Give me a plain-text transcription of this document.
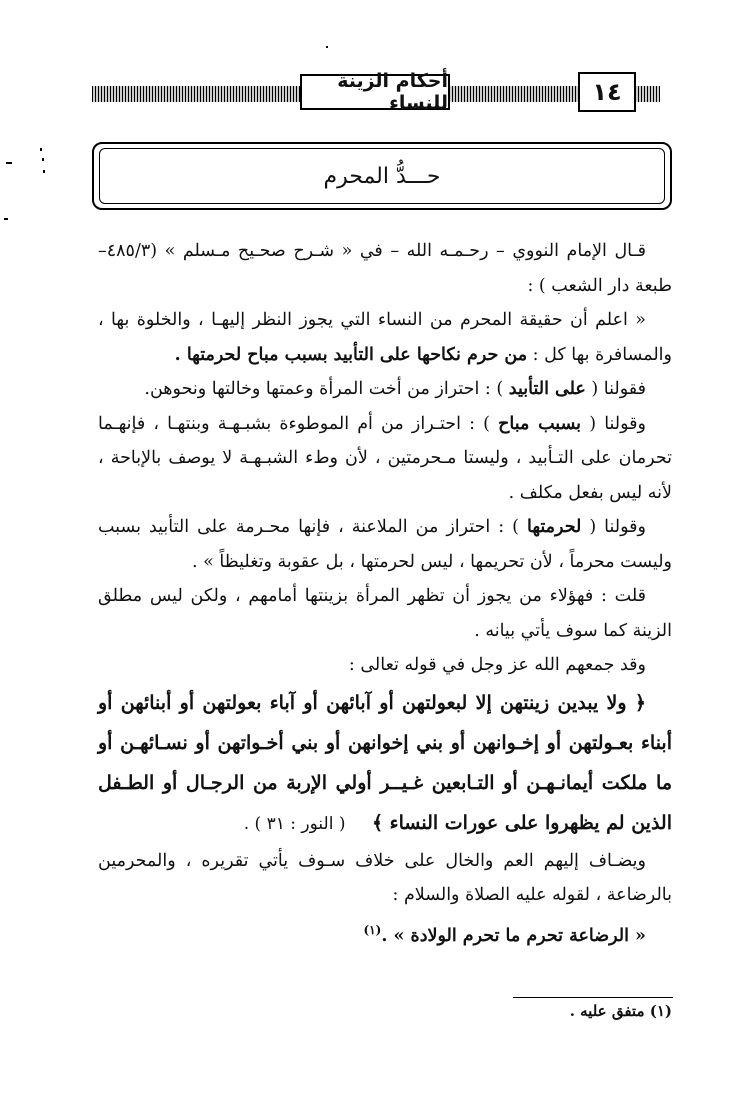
أحكام الزينة للنساء	١٤
حـــدُّ المحرم

قـال الإمام النووي – رحـمـه الله – في « شـرح صحـيح مـسلم » (٤٨٥/٣– طبعة دار الشعب ) :

« اعلم أن حقيقة المحرم من النساء التي يجوز النظر إليهـا ، والخلوة بها ، والمسافرة بها كل : من حرم نكاحها على التأبيد بسبب مباح لحرمتها .

فقولنا ( على التأبيد ) : احتراز من أخت المرأة وعمتها وخالتها ونحوهن.

وقولنا ( بسبب مباح ) : احتـراز من أم الموطوءة بشبـهـة وبنتهـا ، فإنهـما تحرمان على التـأبيد ، وليستا مـحرمتين ، لأن وطء الشبـهـة لا يوصف بالإباحة ، لأنه ليس بفعل مكلف .

وقولنا ( لحرمتها ) : احتراز من الملاعنة ، فإنها محـرمة على التأبيد بسبب وليست محرماً ، لأن تحريمها ، ليس لحرمتها ، بل عقوبة وتغليظاً » .

قلت : فهؤلاء من يجوز أن تظهر المرأة بزينتها أمامهم ، ولكن ليس مطلق الزينة كما سوف يأتي بيانه .

وقد جمعهم الله عز وجل في قوله تعالى :

﴿ ولا يبدين زينتهن إلا لبعولتهن أو آبائهن أو آباء بعولتهن أو أبنائهن أو أبناء بعـولتهن أو إخـوانهن أو بني إخوانهن أو بني أخـواتهن أو نسـائهـن أو ما ملكت أيمانـهـن أو التـابعين غـيــر أولي الإربة من الرجـال أو الطـفل الذين لم يظهروا على عورات النساء ﴾    ( النور : ٣١ ) .

ويضـاف إليهم العم والخال على خلاف سـوف يأتي تقريره ، والمحرمين بالرضاعة ، لقوله عليه الصلاة والسلام :

« الرضاعة تحرم ما تحرم الولادة » .$^{(١)}$

(١) متفق عليه .
